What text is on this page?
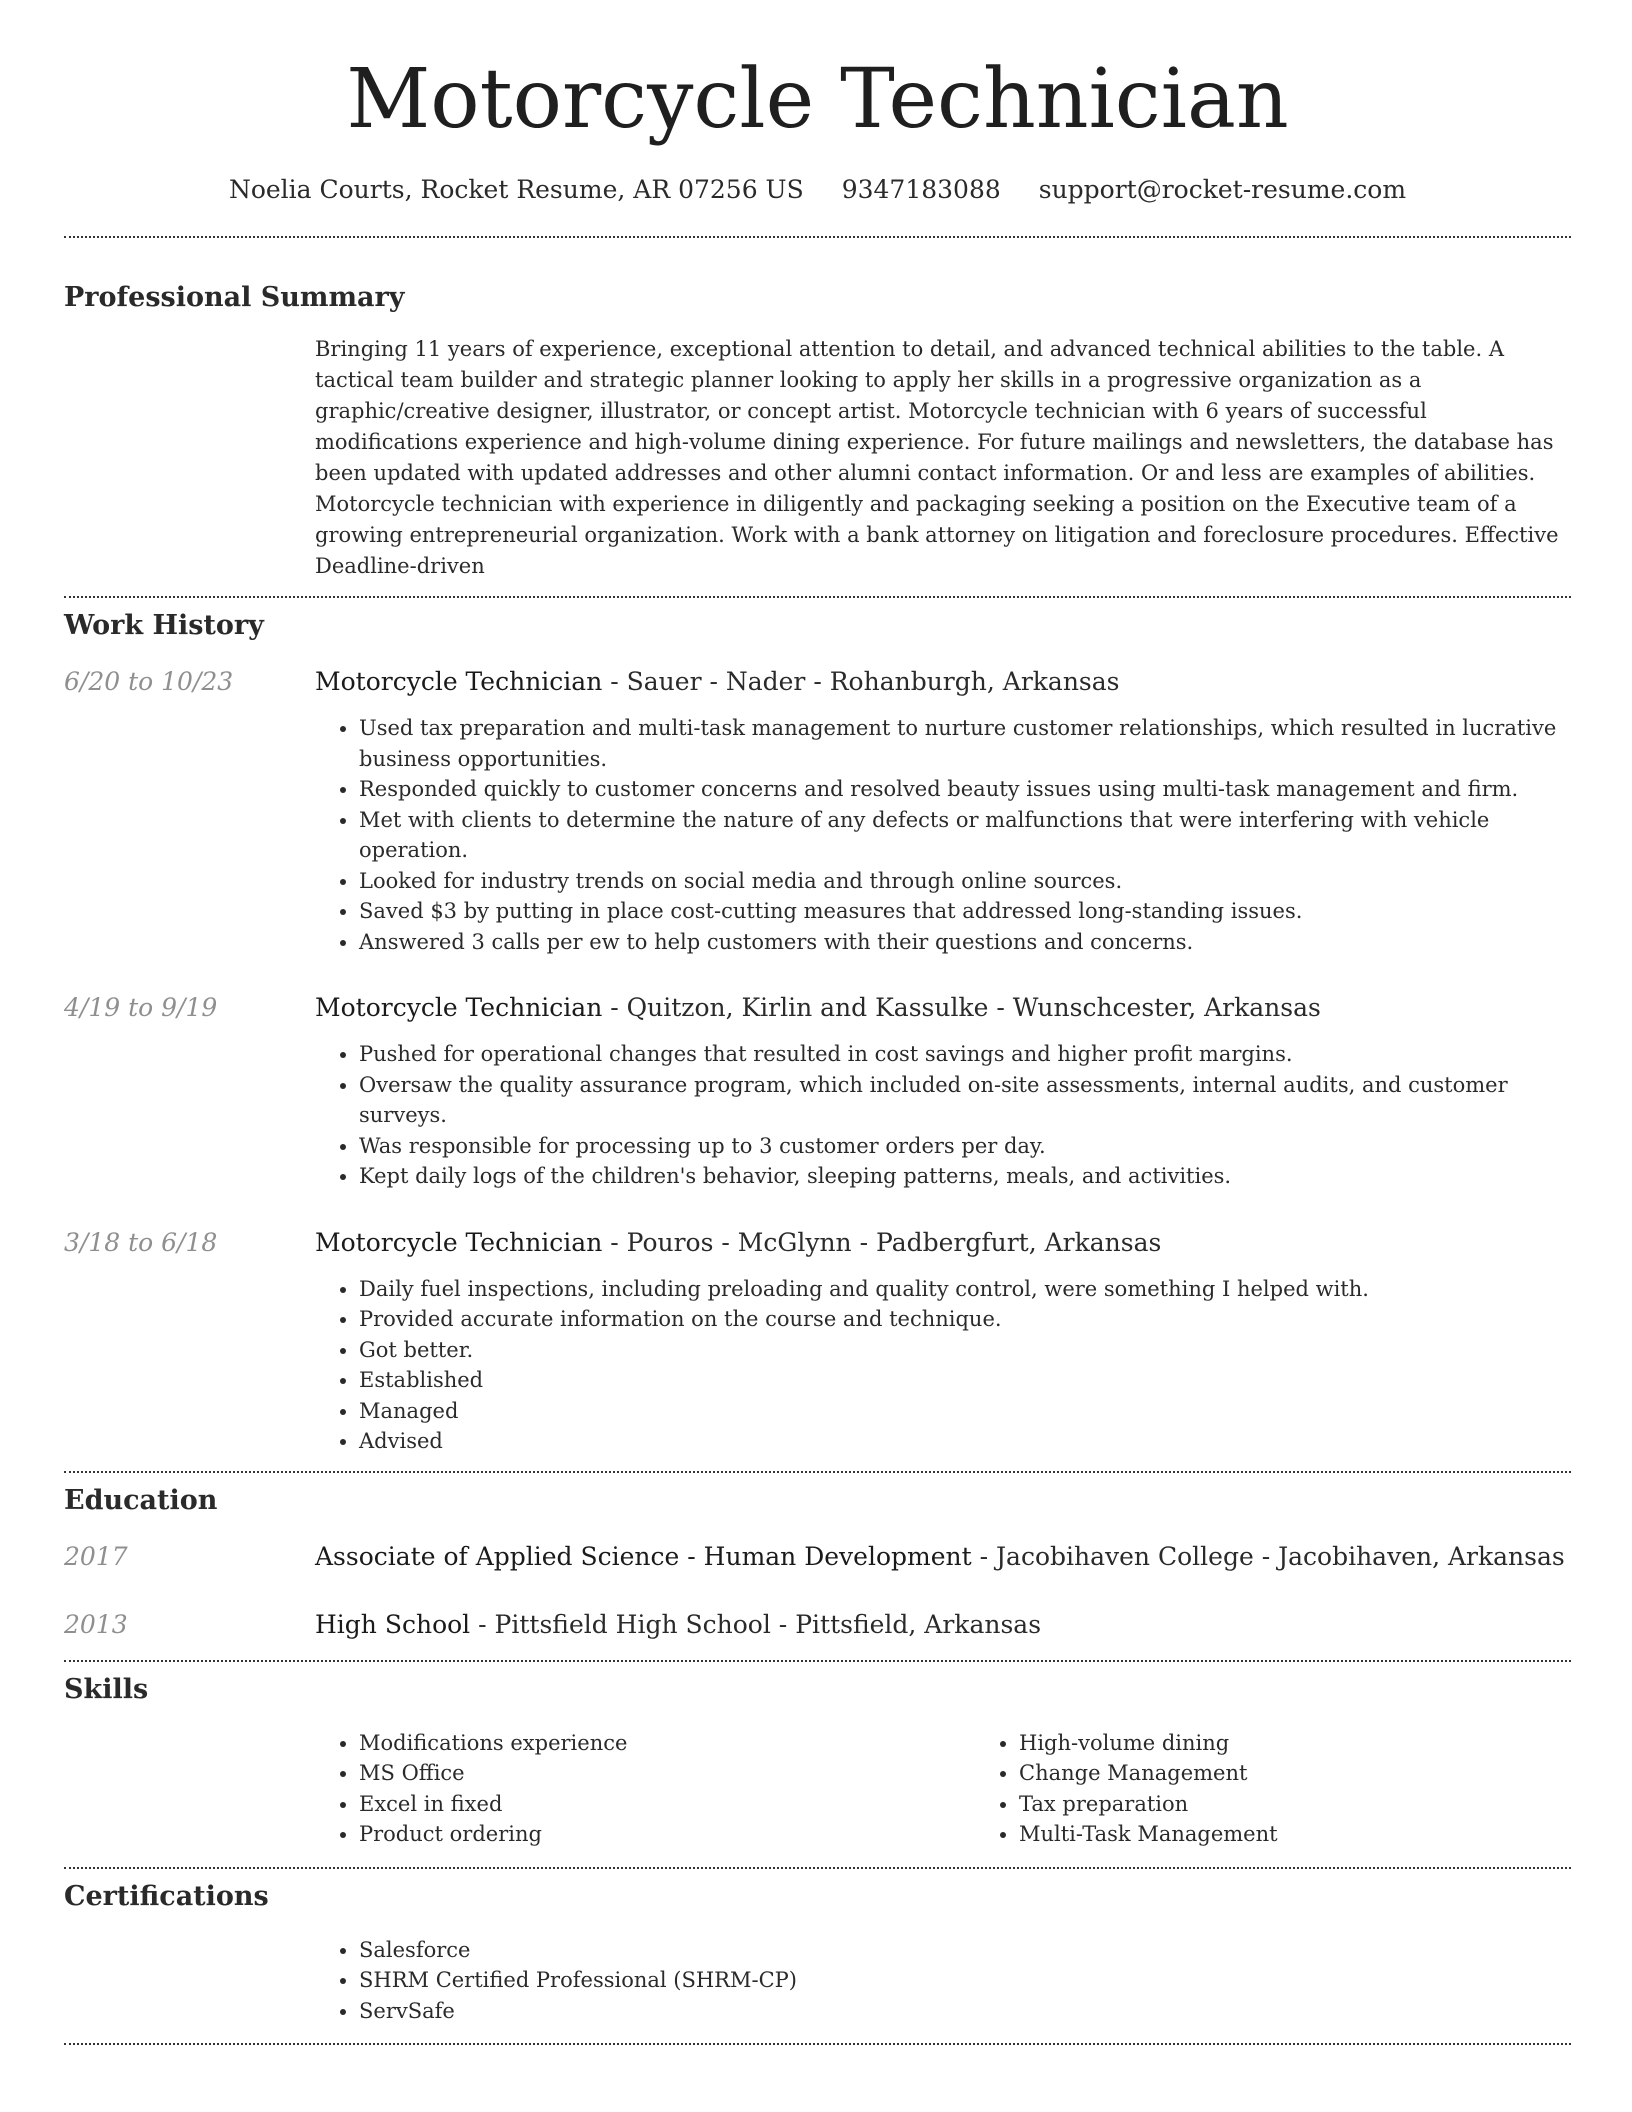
Motorcycle Technician
Noelia Courts, Rocket Resume, AR 07256 US 9347183088 support@rocket-resume.com
Professional Summary
Bringing 11 years of experience, exceptional attention to detail, and advanced technical abilities to the table. A tactical team builder and strategic planner looking to apply her skills in a progressive organization as a graphic/creative designer, illustrator, or concept artist. Motorcycle technician with 6 years of successful modifications experience and high-volume dining experience. For future mailings and newsletters, the database has been updated with updated addresses and other alumni contact information. Or and less are examples of abilities. Motorcycle technician with experience in diligently and packaging seeking a position on the Executive team of a growing entrepreneurial organization. Work with a bank attorney on litigation and foreclosure procedures. Effective Deadline-driven
Work History
6/20 to 10/23	Motorcycle Technician - Sauer - Nader - Rohanburgh, Arkansas
• Used tax preparation and multi-task management to nurture customer relationships, which resulted in lucrative business opportunities.
• Responded quickly to customer concerns and resolved beauty issues using multi-task management and firm.
• Met with clients to determine the nature of any defects or malfunctions that were interfering with vehicle operation.
• Looked for industry trends on social media and through online sources.
• Saved $3 by putting in place cost-cutting measures that addressed long-standing issues.
• Answered 3 calls per ew to help customers with their questions and concerns.
4/19 to 9/19	Motorcycle Technician - Quitzon, Kirlin and Kassulke - Wunschcester, Arkansas
• Pushed for operational changes that resulted in cost savings and higher profit margins.
• Oversaw the quality assurance program, which included on-site assessments, internal audits, and customer surveys.
• Was responsible for processing up to 3 customer orders per day.
• Kept daily logs of the children's behavior, sleeping patterns, meals, and activities.
3/18 to 6/18	Motorcycle Technician - Pouros - McGlynn - Padbergfurt, Arkansas
• Daily fuel inspections, including preloading and quality control, were something I helped with.
• Provided accurate information on the course and technique.
• Got better.
• Established
• Managed
• Advised
Education
2017	Associate of Applied Science - Human Development - Jacobihaven College - Jacobihaven, Arkansas
2013	High School - Pittsfield High School - Pittsfield, Arkansas
Skills
• Modifications experience
• MS Office
• Excel in fixed
• Product ordering
• High-volume dining
• Change Management
• Tax preparation
• Multi-Task Management
Certifications
• Salesforce
• SHRM Certified Professional (SHRM-CP)
• ServSafe
